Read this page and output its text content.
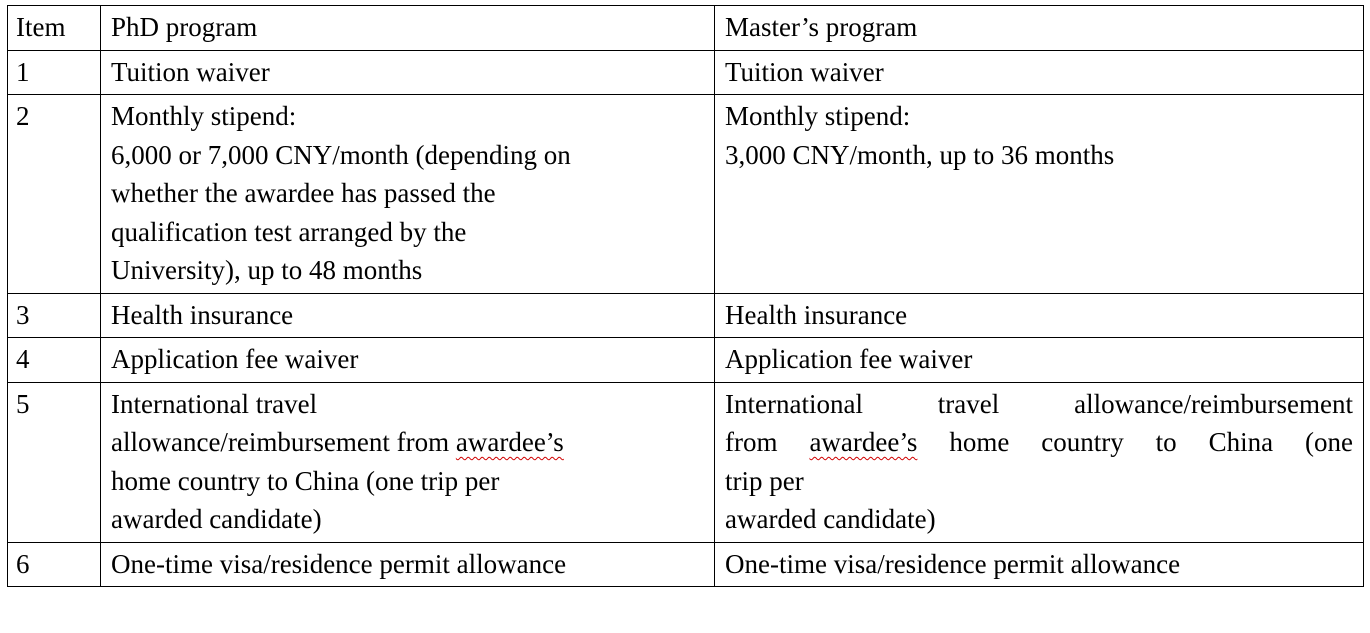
Item	PhD program	Master’s program
1	Tuition waiver	Tuition waiver

2	Monthly stipend:
6,000 or 7,000 CNY/month (depending on
whether the awardee has passed the
qualification test arranged by the
University), up to 48 months	Monthly stipend:
3,000 CNY/month, up to 36 months

3	Health insurance	Health insurance

4	Application fee waiver	Application fee waiver

5	International travel
allowance/reimbursement from awardee’s
home country to China (one trip per
awarded candidate)	International travel allowance/reimbursement
from awardee’s home country to China (one
trip per
awarded candidate)

6	One-time visa/residence permit allowance	One-time visa/residence permit allowance
